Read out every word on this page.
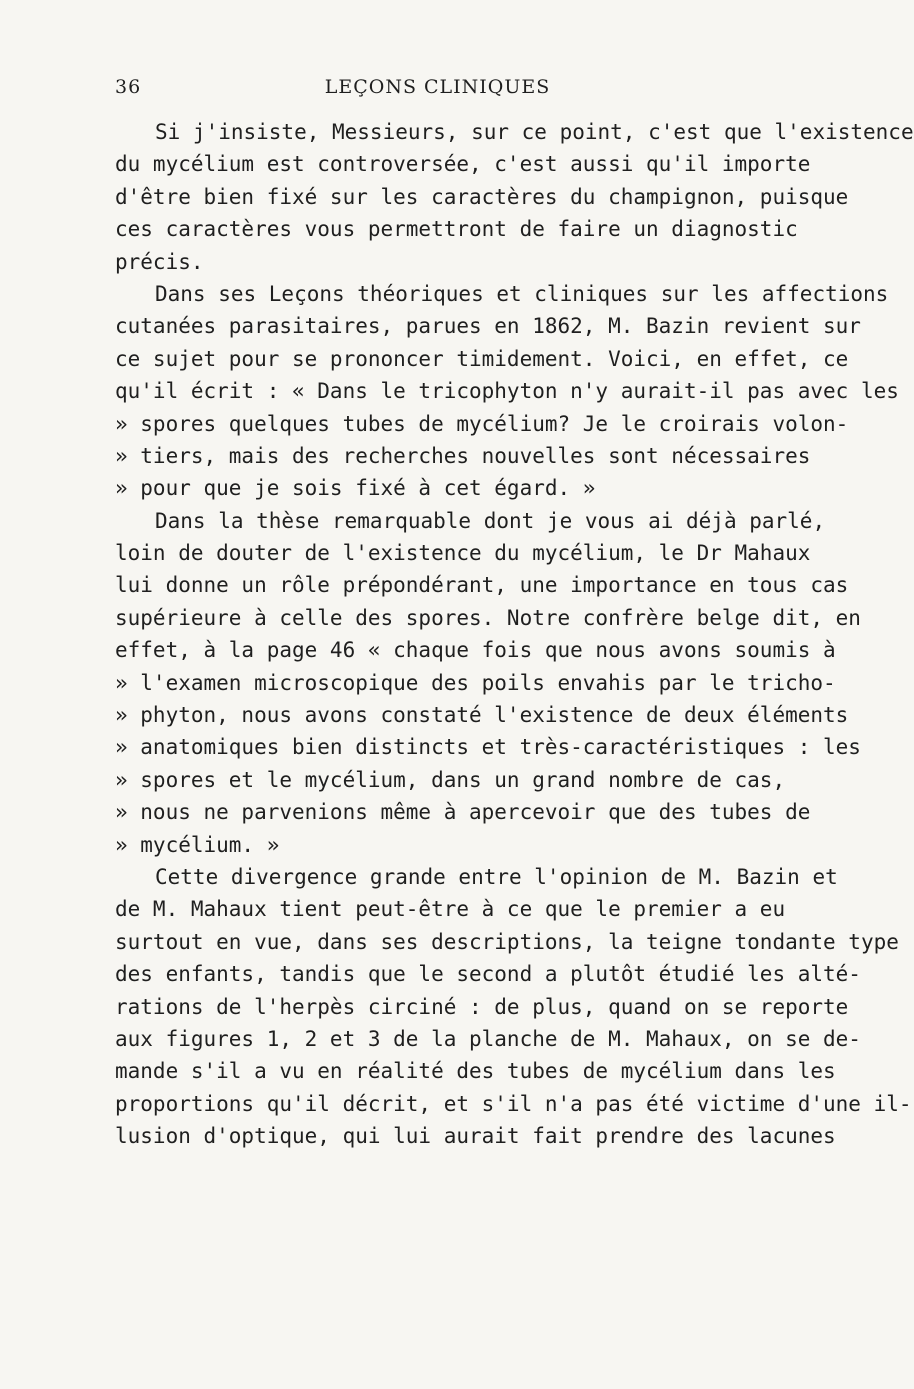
36	LEÇONS CLINIQUES
Si j'insiste, Messieurs, sur ce point, c'est que l'existence
du mycélium est controversée, c'est aussi qu'il importe
d'être bien fixé sur les caractères du champignon, puisque
ces caractères vous permettront de faire un diagnostic
précis.
Dans ses Leçons théoriques et cliniques sur les affections
cutanées parasitaires, parues en 1862, M. Bazin revient sur
ce sujet pour se prononcer timidement. Voici, en effet, ce
qu'il écrit : « Dans le tricophyton n'y aurait-il pas avec les
» spores quelques tubes de mycélium? Je le croirais volon-
» tiers, mais des recherches nouvelles sont nécessaires
» pour que je sois fixé à cet égard. »
Dans la thèse remarquable dont je vous ai déjà parlé,
loin de douter de l'existence du mycélium, le Dr Mahaux
lui donne un rôle prépondérant, une importance en tous cas
supérieure à celle des spores. Notre confrère belge dit, en
effet, à la page 46 « chaque fois que nous avons soumis à
» l'examen microscopique des poils envahis par le tricho-
» phyton, nous avons constaté l'existence de deux éléments
» anatomiques bien distincts et très-caractéristiques : les
» spores et le mycélium, dans un grand nombre de cas,
» nous ne parvenions même à apercevoir que des tubes de
» mycélium. »
Cette divergence grande entre l'opinion de M. Bazin et
de M. Mahaux tient peut-être à ce que le premier a eu
surtout en vue, dans ses descriptions, la teigne tondante type
des enfants, tandis que le second a plutôt étudié les alté-
rations de l'herpès circiné : de plus, quand on se reporte
aux figures 1, 2 et 3 de la planche de M. Mahaux, on se de-
mande s'il a vu en réalité des tubes de mycélium dans les
proportions qu'il décrit, et s'il n'a pas été victime d'une il-
lusion d'optique, qui lui aurait fait prendre des lacunes
